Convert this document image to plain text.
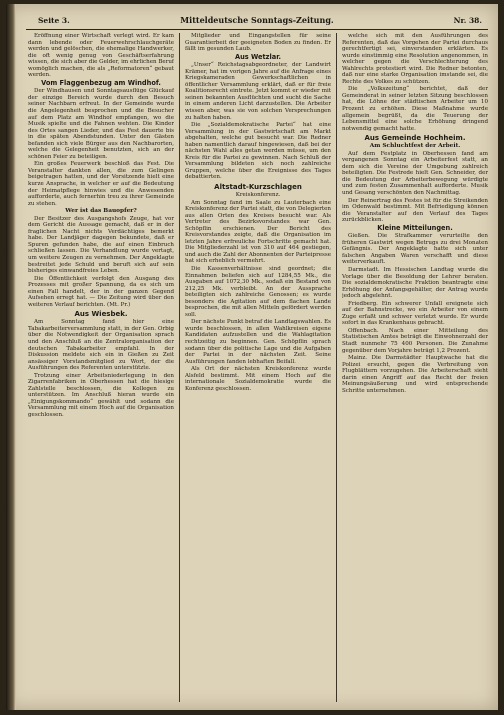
Seite 3.	Mitteldeutsche Sonntags-Zeitung.	Nr. 38.

Eröffnung einer Wirtschaft verlegt wird. Er kam dann lebende oder Feuerwehrschlauchgeräte werden und gelöschen, die ehemalige Handwerker, die oft wenig genug von Geschäftserfahrung wissen, die sich aber die Gelder, im ehrlichen Beruf womöglich machen, die als „Reformatoren“ gebaut werden.

Vom Flaggenbezug am Windhof.

Der Windhausen und Sonntagsausflüge Glückauf der einzige Bereich wurde durch den Besuch seiner Nachbarn erfreut. In der Gemeinde wurde die Angelegenheit besprochen und die Besucher auf dem Platz am Windhof empfangen, wo die Musik spielte und die Fahnen wehten. Die Kinder des Ortes sangen Lieder, und das Fest dauerte bis in die späten Abendstunden. Unter den Gästen befanden sich viele Bürger aus den Nachbarorten, welche die Gelegenheit benutzten, sich an der schönen Feier zu beteiligen.

Ein großes Feuerwerk beschloß das Fest. Die Veranstalter dankten allen, die zum Gelingen beigetragen hatten, und der Vorsitzende hielt eine kurze Ansprache, in welcher er auf die Bedeutung der Heimatpflege hinwies und die Anwesenden aufforderte, auch fernerhin treu zu ihrer Gemeinde zu stehen.

Wer ist das Bauopfer?

Der Besitzer des Ausgangshofs Zeuge, hat vor dem Gericht die Aussage gemacht, daß er in der fraglichen Nacht nichts Verdächtiges bemerkt habe. Der Landjäger dagegen bekundete, daß er Spuren gefunden habe, die auf einen Einbruch schließen lassen. Die Verhandlung wurde vertagt, um weitere Zeugen zu vernehmen. Der Angeklagte bestreitet jede Schuld und beruft sich auf sein bisheriges einwandfreies Leben.

Die Öffentlichkeit verfolgt den Ausgang des Prozesses mit großer Spannung, da es sich um einen Fall handelt, der in der ganzen Gegend Aufsehen erregt hat. — Die Zeitung wird über den weiteren Verlauf berichten. (Mt. Pr.)

Aus Wiesbek.

Am Sonntag fand hier eine Tabakarbeiterversammlung statt, in der Gen. Orbig über die Notwendigkeit der Organisation sprach und den Anschluß an die Zentralorganisation der deutschen Tabakarbeiter empfahl. In der Diskussion meldete sich ein in Gießen zu Zeit ansässiger Vorstandsmitglied zu Wort, der die Ausführungen des Referenten unterstützte.

Trotzung einer Arbeitsniederlegung in den Zigarrenfabriken in Oberhessen hat die hiesige Zahlstelle beschlossen, die Kollegen zu unterstützen. Im Anschluß hieran wurde ein „Einigungskommando“ gewählt und sodann die Versammlung mit einem Hoch auf die Organisation geschlossen.

Mitglieder und Eingangstellen für seine Guarantierbeit der geeigneten Boden zu finden. Er fällt im gesunden Laub.

Aus Wetzlar.

„Unser“ Reichstagsabgeordneter, der Landwirt Krämer, hat im vorigen Jahre auf die Anfrage eines Kriegskameraden Gewerkschaftlichen in öffentlicher Versammlung erklärt, daß er für freie Koalitionsrecht eintrete. Jetzt kommt er wieder mit seinen bekannten Ausflüchten und sucht die Sache in einem anderen Licht darzustellen. Die Arbeiter wissen aber, was sie von solchen Versprechungen zu halten haben.

Die „Sozialdemokratische Partei“ hat eine Versammlung in der Gastwirtschaft am Markt abgehalten, welche gut besucht war. Die Redner haben namentlich darauf hingewiesen, daß bei der nächsten Wahl alles getan werden müsse, um den Kreis für die Partei zu gewinnen. Nach Schluß der Versammlung bildeten sich noch zahlreiche Gruppen, welche über die Ereignisse des Tages debattierten.

Altstadt-Kurzschlagen
Kreiskonferenz.

Am Sonntag fand im Saale zu Lauterbach eine Kreiskonferenz der Partei statt, die von Delegierten aus allen Orten des Kreises besucht war. Als Vertreter des Bezirksvorstandes war Gen. Schöpflin erschienen. Der Bericht des Kreisvorstandes zeigte, daß die Organisation im letzten Jahre erfreuliche Fortschritte gemacht hat. Die Mitgliederzahl ist von 310 auf 464 gestiegen, und auch die Zahl der Abonnenten der Parteipresse hat sich erheblich vermehrt.

Die Kassenverhältnisse sind geordnet; die Einnahmen beliefen sich auf 1284,55 Mk., die Ausgaben auf 1072,30 Mk., sodaß ein Bestand von 212,25 Mk. verbleibt. An der Aussprache beteiligten sich zahlreiche Genossen; es wurde besonders die Agitation auf dem flachen Lande besprochen, die mit allen Mitteln gefördert werden soll.

Der nächste Punkt betraf die Landtagswahlen. Es wurde beschlossen, in allen Wahlkreisen eigene Kandidaten aufzustellen und die Wahlagitation rechtzeitig zu beginnen. Gen. Schöpflin sprach sodann über die politische Lage und die Aufgaben der Partei in der nächsten Zeit. Seine Ausführungen fanden lebhaften Beifall.

Als Ort der nächsten Kreiskonferenz wurde Alsfeld bestimmt. Mit einem Hoch auf die internationale Sozialdemokratie wurde die Konferenz geschlossen.

welche sich mit den Ausführungen des Referenten, daß das Vorgehen der Partei durchaus gerechtfertigt sei, einverstanden erklärten. Es wurde einstimmig eine Resolution angenommen, in welcher gegen die Verschlechterung des Wahlrechts protestiert wird. Die Redner betonten, daß nur eine starke Organisation imstande sei, die Rechte des Volkes zu schützen.

Die „Volkszeitung“ berichtet, daß der Gemeinderat in seiner letzten Sitzung beschlossen hat, die Löhne der städtischen Arbeiter um 10 Prozent zu erhöhen. Diese Maßnahme wurde allgemein begrüßt, da die Teuerung der Lebensmittel eine solche Erhöhung dringend notwendig gemacht hatte.

Aus Gemeinde Hochheim.
Am Schluchtfest der Arbeit.

Auf dem Festplatz in Oberhessen fand am vergangenen Sonntag ein Arbeiterfest statt, an dem sich die Vereine der Umgebung zahlreich beteiligten. Die Festrede hielt Gen. Schneider, der die Bedeutung der Arbeiterbewegung würdigte und zum festen Zusammenhalt aufforderte. Musik und Gesang verschönten den Nachmittag.

Der Reinertrag des Festes ist für die Streikenden im Odenwald bestimmt. Mit Befriedigung können die Veranstalter auf den Verlauf des Tages zurückblicken.

Kleine Mitteilungen.

Gießen. Die Strafkammer verurteilte den früheren Gastwirt wegen Betrugs zu drei Monaten Gefängnis. Der Angeklagte hatte sich unter falschen Angaben Waren verschafft und diese weiterverkauft.

Darmstadt. Im Hessischen Landtag wurde die Vorlage über die Besoldung der Lehrer beraten. Die sozialdemokratische Fraktion beantragte eine Erhöhung der Anfangsgehälter, der Antrag wurde jedoch abgelehnt.

Friedberg. Ein schwerer Unfall ereignete sich auf der Bahnstrecke, wo ein Arbeiter von einem Zuge erfaßt und schwer verletzt wurde. Er wurde sofort in das Krankenhaus gebracht.

Offenbach. Nach einer Mitteilung des Statistischen Amtes beträgt die Einwohnerzahl der Stadt nunmehr 75 400 Personen. Die Zunahme gegenüber dem Vorjahre beträgt 1,2 Prozent.

Mainz. Die Darmstädter Hauptwache hat die Polizei ersucht, gegen die Verbreitung von Flugblättern vorzugehen. Die Arbeiterschaft sieht darin einen Angriff auf das Recht der freien Meinungsäußerung und wird entsprechende Schritte unternehmen.
